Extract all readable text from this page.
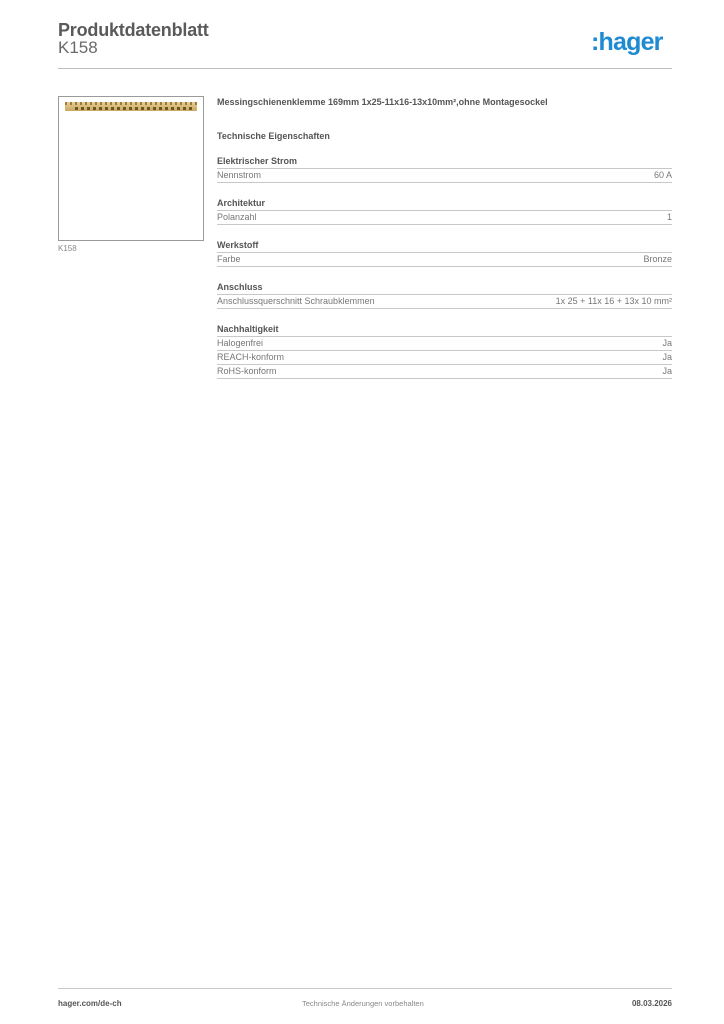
Produktdatenblatt
K158	:hager
K158
Messingschienenklemme 169mm 1x25-11x16-13x10mm²,ohne Montagesockel
Technische Eigenschaften
Elektrischer Strom
Nennstrom	60 A
Architektur
Polanzahl	1
Werkstoff
Farbe	Bronze
Anschluss
Anschlussquerschnitt Schraubklemmen	1x 25 + 11x 16 + 13x 10 mm²
Nachhaltigkeit
Halogenfrei	Ja
REACH-konform	Ja
RoHS-konform	Ja
hager.com/de-ch	Technische Änderungen vorbehalten	08.03.2026
